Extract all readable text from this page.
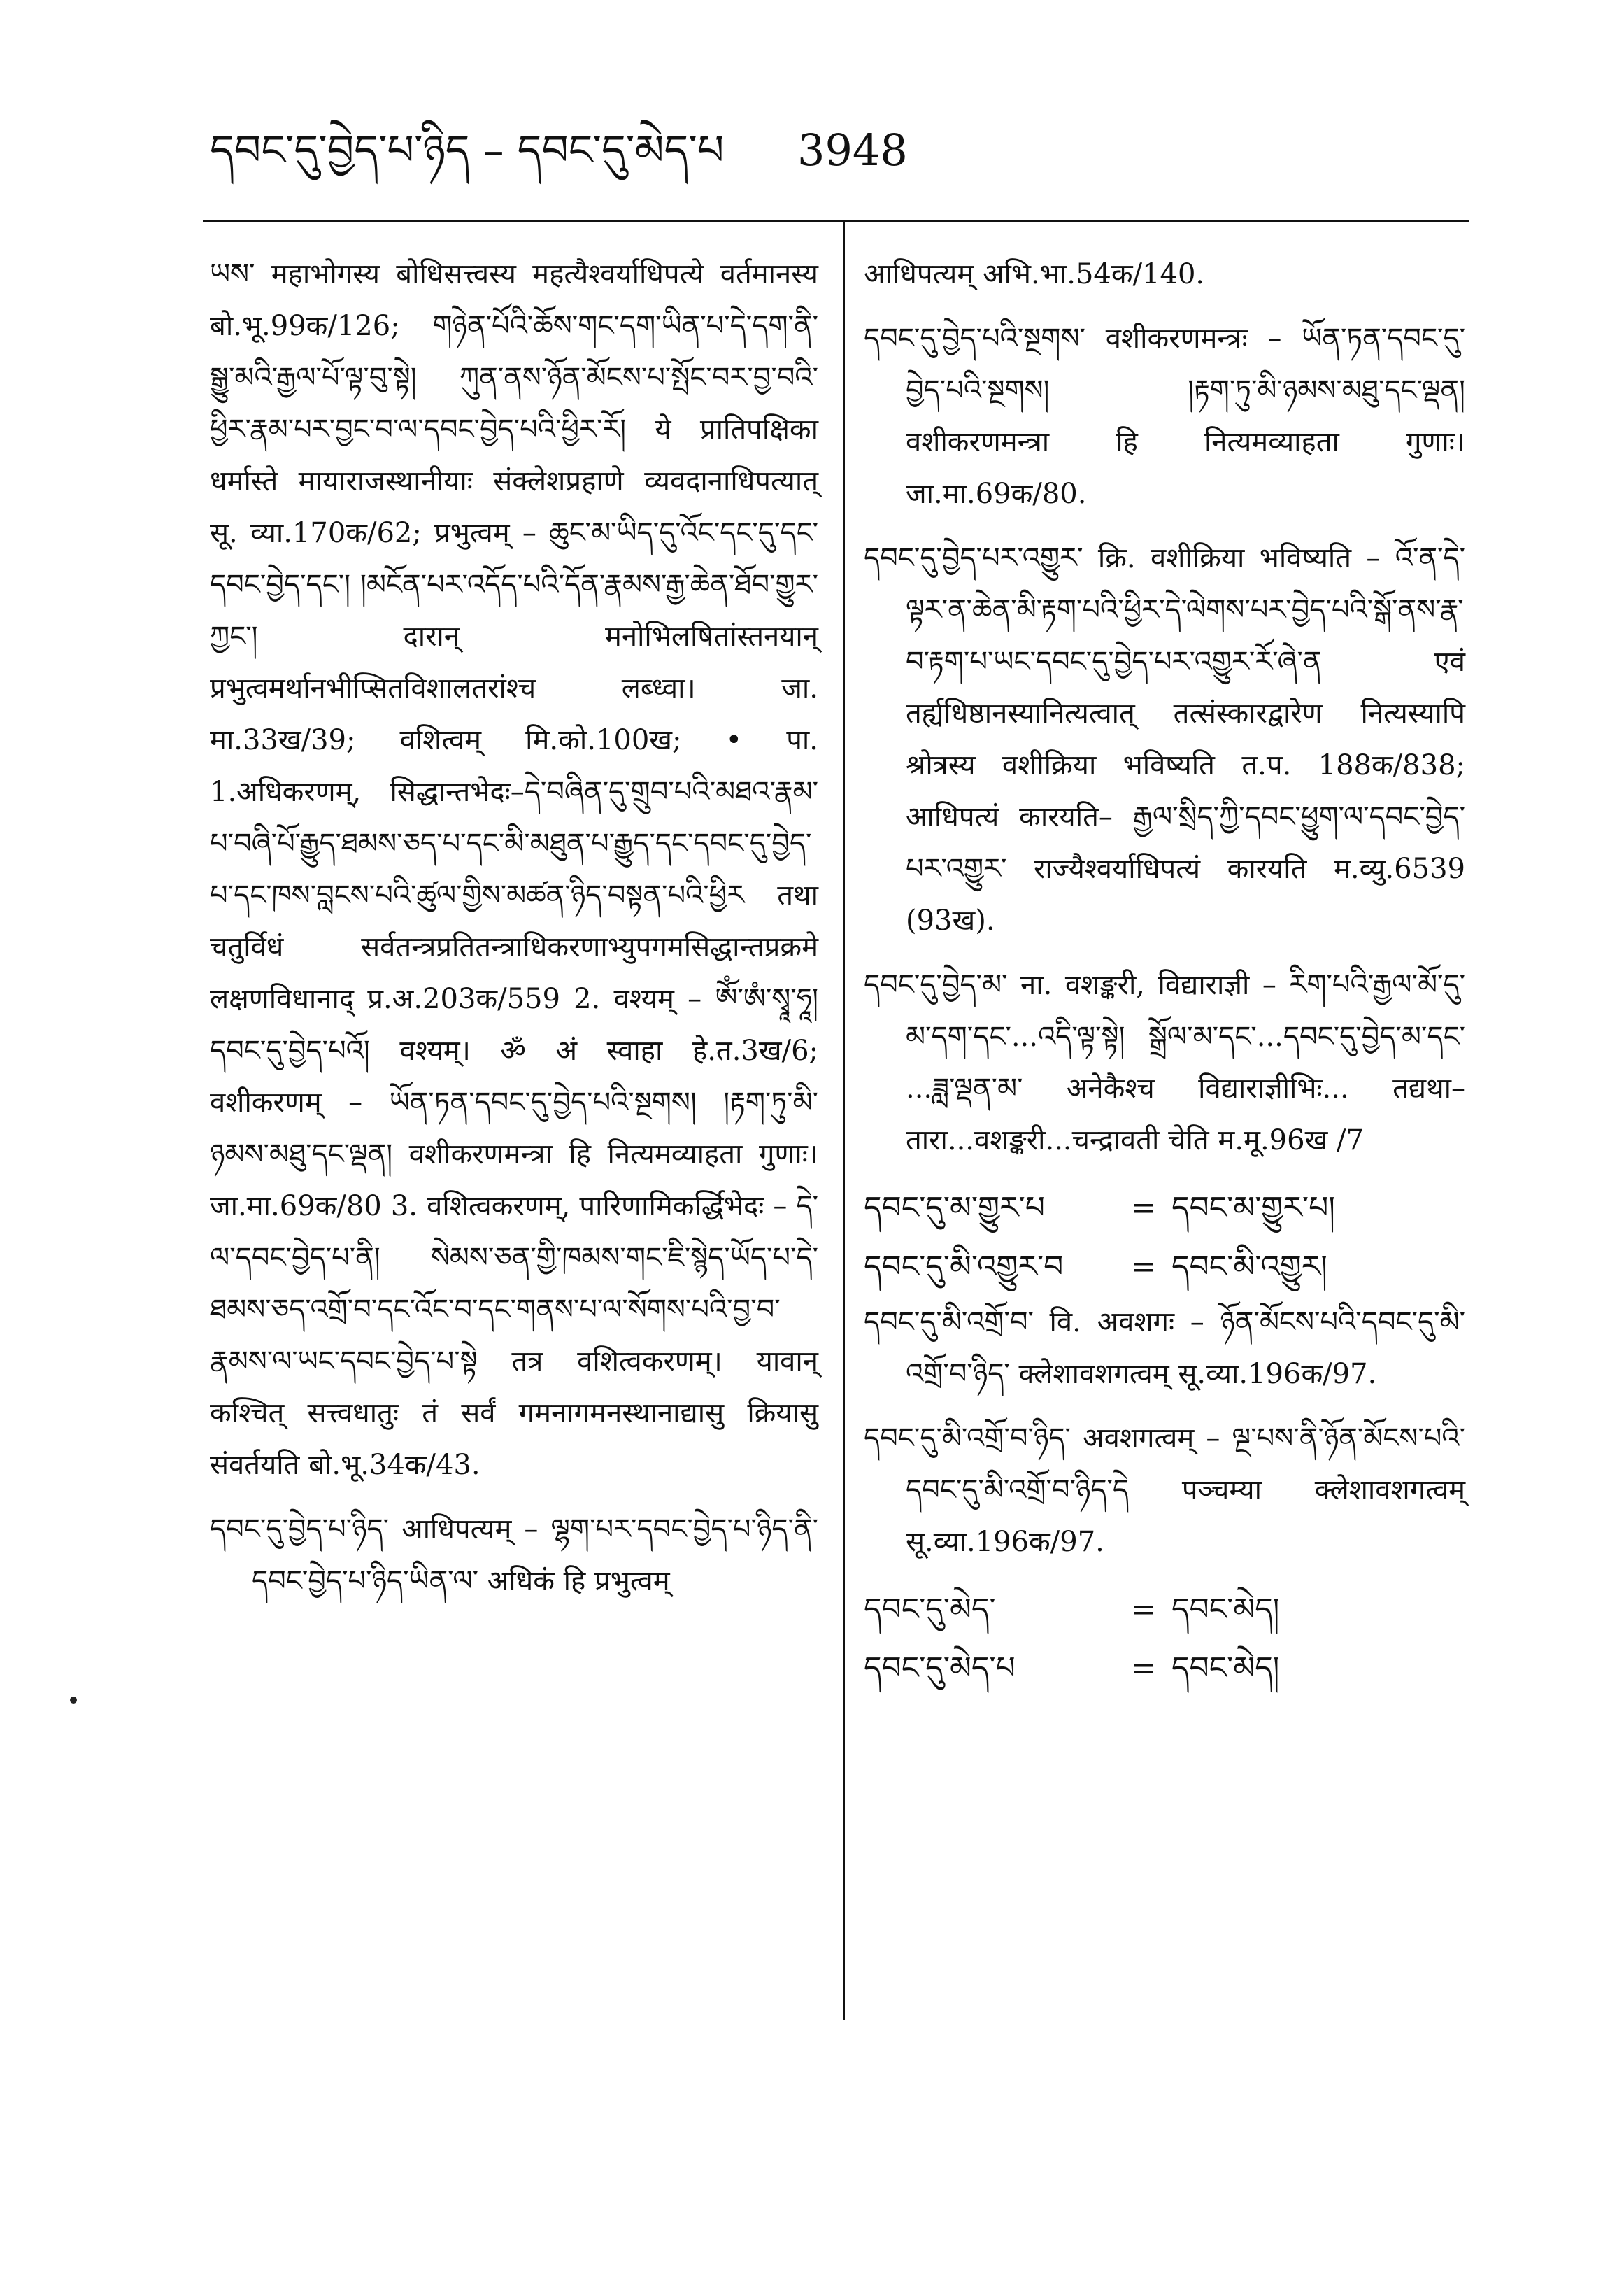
དབང་དུ་བྱེད་པ་ཉིད – དབང་དུ་མེད་པ 3948

ཡས་ महाभोगस्य बोधिसत्त्वस्य महत्यैश्वर्याधिपत्ये वर्तमानस्य बो.भू.99क/126; གཉེན་པོའི་ཆོས་གང་དག་ཡིན་པ་དེ་དག་ནི་སྒྱུ་མའི་རྒྱལ་པོ་ལྟ་བུ་སྟེ། ཀུན་ནས་ཉོན་མོངས་པ་སྤོང་བར་བྱ་བའི་ཕྱིར་རྣམ་པར་བྱང་བ་ལ་དབང་བྱེད་པའི་ཕྱིར་རོ། ये प्रातिपक्षिका धर्मास्ते मायाराजस्थानीयाः संक्लेशप्रहाणे व्यवदानाधिपत्यात् सू. व्या.170क/62; प्रभुत्वम् – ཆུང་མ་ཡིད་དུ་འོང་དང་དུ་དང་དབང་བྱེད་དང་། །མངོན་པར་འདོད་པའི་དོན་རྣམས་རྒྱ་ཆེན་ཐོབ་གྱུར་ཀྱང་། दारान् मनोभिलषितांस्तनयान् प्रभुत्वमर्थानभीप्सितविशालतरांश्च लब्ध्वा। जा. मा.33ख/39; वशित्वम् मि.को.100ख; • पा. 1.अधिकरणम्, सिद्धान्तभेदः–དེ་བཞིན་དུ་གྲུབ་པའི་མཐའ་རྣམ་པ་བཞི་པོ་རྒྱུད་ཐམས་ཅད་པ་དང་མི་མཐུན་པ་རྒྱུད་དང་དབང་དུ་བྱེད་པ་དང་ཁས་བླངས་པའི་ཚུལ་གྱིས་མཚན་ཉིད་བསྟན་པའི་ཕྱིར तथा चतुर्विधं सर्वतन्त्रप्रतितन्त्राधिकरणाभ्युपगमसिद्धान्तप्रक्रमे लक्षणविधानाद् प्र.अ.203क/559 2. वश्यम् – ཨོཾ་ཨཾ་སྭཱ་ཧཱ། དབང་དུ་བྱེད་པའོ། वश्यम्। ॐ अं स्वाहा हे.त.3ख/6; वशीकरणम् – ཡོན་ཏན་དབང་དུ་བྱེད་པའི་སྔགས། །རྟག་ཏུ་མི་ཉམས་མཐུ་དང་ལྡན། वशीकरणमन्त्रा हि नित्यमव्याहता गुणाः। जा.मा.69क/80 3. वशित्वकरणम्, पारिणामिकर्द्धिभेदः – དེ་ལ་དབང་བྱེད་པ་ནི། སེམས་ཅན་གྱི་ཁམས་གང་ཇི་སྙེད་ཡོད་པ་དེ་ཐམས་ཅད་འགྲོ་བ་དང་འོང་བ་དང་གནས་པ་ལ་སོགས་པའི་བྱ་བ་རྣམས་ལ་ཡང་དབང་བྱེད་པ་སྟེ तत्र वशित्वकरणम्। यावान् कश्चित् सत्त्वधातुः तं सर्वं गमनागमनस्थानाद्यासु क्रियासु संवर्तयति बो.भू.34क/43.

དབང་དུ་བྱེད་པ་ཉིད་ आधिपत्यम् – ལྷག་པར་དབང་བྱེད་པ་ཉིད་ནི་དབང་བྱེད་པ་ཉིད་ཡིན་ལ་ अधिकं हि प्रभुत्वम्

आधिपत्यम् अभि.भा.54क/140.

དབང་དུ་བྱེད་པའི་སྔགས་ वशीकरणमन्त्रः – ཡོན་ཏན་དབང་དུ་བྱེད་པའི་སྔགས། །རྟག་ཏུ་མི་ཉམས་མཐུ་དང་ལྡན། वशीकरणमन्त्रा हि नित्यमव्याहता गुणाः। जा.मा.69क/80.

དབང་དུ་བྱེད་པར་འགྱུར་ क्रि. वशीक्रिया भविष्यति – འོ་ན་དེ་ལྟར་ན་ཆེན་མི་རྟག་པའི་ཕྱིར་དེ་ལེགས་པར་བྱེད་པའི་སྒོ་ནས་རྣ་བ་རྟག་པ་ཡང་དབང་དུ་བྱེད་པར་འགྱུར་རོ་ཞེ་ན एवं तर्ह्यधिष्ठानस्यानित्यत्वात् तत्संस्कारद्वारेण नित्यस्यापि श्रोत्रस्य वशीक्रिया भविष्यति त.प. 188क/838; आधिपत्यं कारयति– རྒྱལ་སྲིད་ཀྱི་དབང་ཕྱུག་ལ་དབང་བྱེད་པར་འགྱུར་ राज्यैश्वर्याधिपत्यं कारयति म.व्यु.6539 (93ख).

དབང་དུ་བྱེད་མ་ ना. वशङ्करी, विद्याराज्ञी – རིག་པའི་རྒྱལ་མོ་དུ་མ་དག་དང་...འདི་ལྟ་སྟེ། སྒྲོལ་མ་དང་...དབང་དུ་བྱེད་མ་དང་ ...ཟླ་ལྡན་མ་ अनेकैश्च विद्याराज्ञीभिः... तद्यथा–तारा...वशङ्करी...चन्द्रावती चेति म.मू.96ख /7

དབང་དུ་མ་གྱུར་པ	= དབང་མ་གྱུར་པ།
དབང་དུ་མི་འགྱུར་བ	= དབང་མི་འགྱུར།

དབང་དུ་མི་འགྲོ་བ་ वि. अवशगः – ཉོན་མོངས་པའི་དབང་དུ་མི་འགྲོ་བ་ཉིད་ क्लेशावशगत्वम् सू.व्या.196क/97.

དབང་དུ་མི་འགྲོ་བ་ཉིད་ अवशगत्वम् – ལྔ་པས་ནི་ཉོན་མོངས་པའི་དབང་དུ་མི་འགྲོ་བ་ཉིད་དེ पञ्चम्या क्लेशावशगत्वम् सू.व्या.196क/97.

དབང་དུ་མེད་	= དབང་མེད།
དབང་དུ་མེད་པ	= དབང་མེད།
